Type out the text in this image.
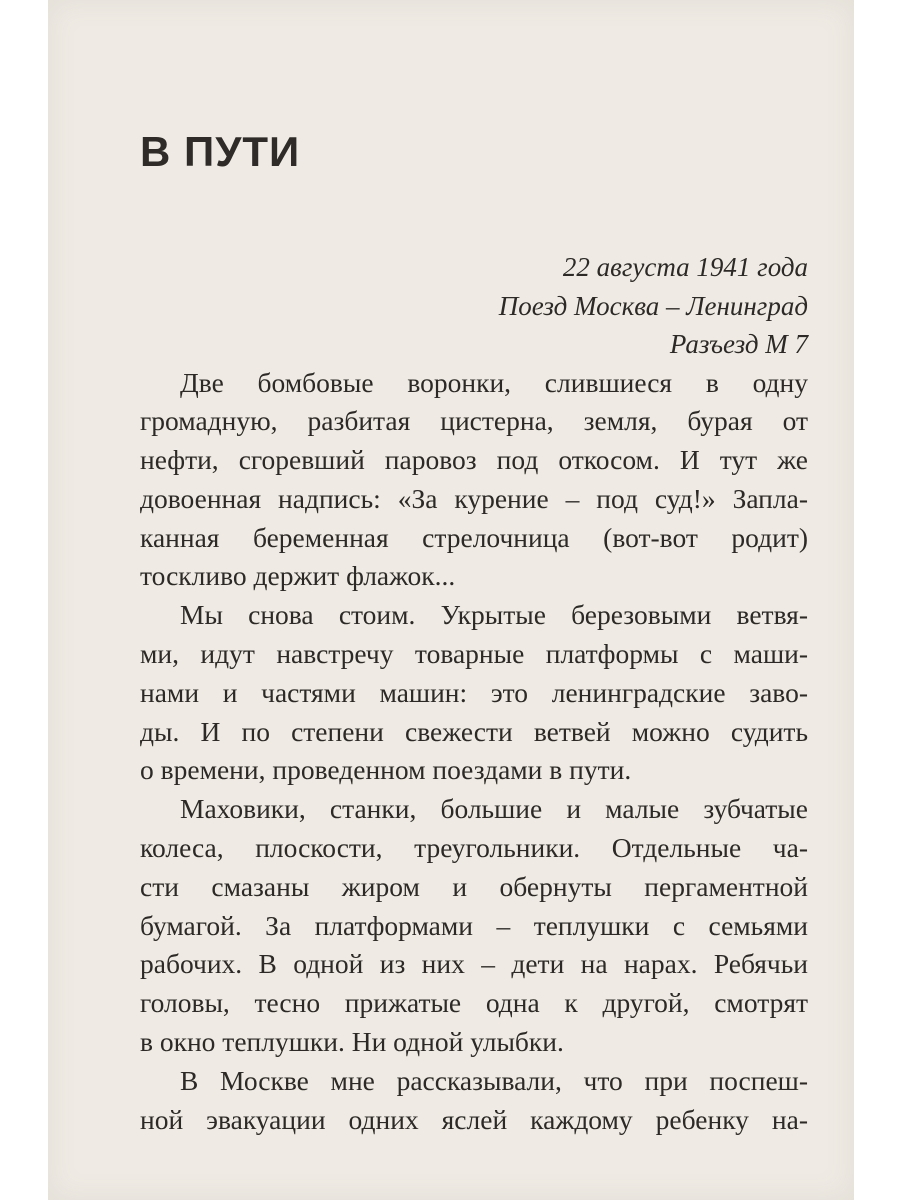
В ПУТИ
22 августа 1941 года
Поезд Москва – Ленинград
Разъезд М 7

Две бомбовые воронки, слившиеся в одну
громадную, разбитая цистерна, земля, бурая от
нефти, сгоревший паровоз под откосом. И тут же
довоенная надпись: «За курение – под суд!» Запла-
канная беременная стрелочница (вот-вот родит)
тоскливо держит флажок...

Мы снова стоим. Укрытые березовыми ветвя-
ми, идут навстречу товарные платформы с маши-
нами и частями машин: это ленинградские заво-
ды. И по степени свежести ветвей можно судить
о времени, проведенном поездами в пути.

Маховики, станки, большие и малые зубчатые
колеса, плоскости, треугольники. Отдельные ча-
сти смазаны жиром и обернуты пергаментной
бумагой. За платформами – теплушки с семьями
рабочих. В одной из них – дети на нарах. Ребячьи
головы, тесно прижатые одна к другой, смотрят
в окно теплушки. Ни одной улыбки.

В Москве мне рассказывали, что при поспеш-
ной эвакуации одних яслей каждому ребенку на-
